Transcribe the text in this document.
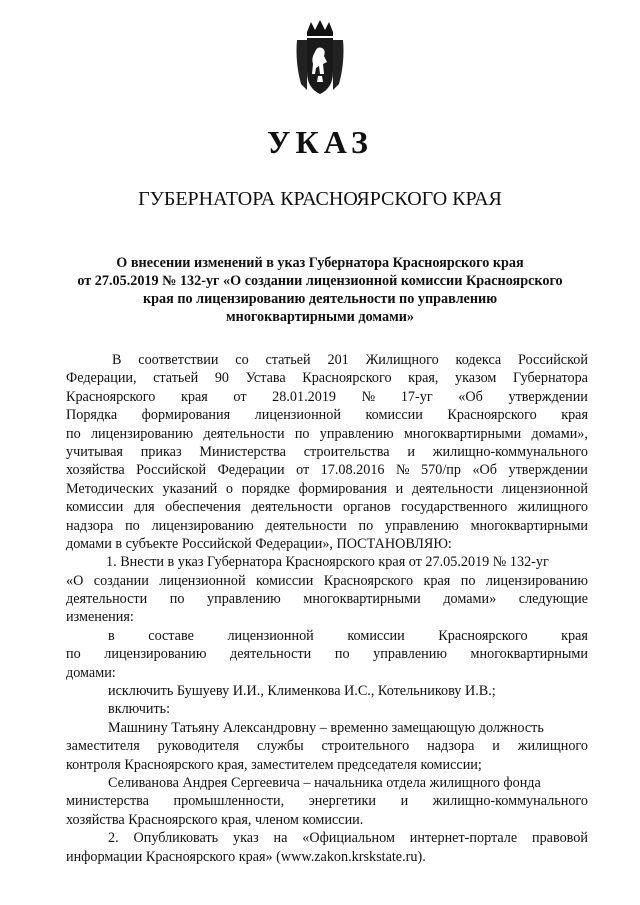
УКАЗ
ГУБЕРНАТОРА КРАСНОЯРСКОГО КРАЯ
О внесении изменений в указ Губернатора Красноярского края
от 27.05.2019 № 132-уг «О создании лицензионной комиссии Красноярского
края по лицензированию деятельности по управлению
многоквартирными домами»
В соответствии со статьей 201 Жилищного кодекса Российской
Федерации, статьей 90 Устава Красноярского края, указом Губернатора
Красноярского края от 28.01.2019 № 17-уг «Об утверждении
Порядка формирования лицензионной комиссии Красноярского края
по лицензированию деятельности по управлению многоквартирными домами»,
учитывая приказ Министерства строительства и жилищно-коммунального
хозяйства Российской Федерации от 17.08.2016 № 570/пр «Об утверждении
Методических указаний о порядке формирования и деятельности лицензионной
комиссии для обеспечения деятельности органов государственного жилищного
надзора по лицензированию деятельности по управлению многоквартирными
домами в субъекте Российской Федерации», ПОСТАНОВЛЯЮ:
1. Внести в указ Губернатора Красноярского края от 27.05.2019 № 132-уг
«О создании лицензионной комиссии Красноярского края по лицензированию
деятельности по управлению многоквартирными домами» следующие
изменения:
в составе лицензионной комиссии Красноярского края
по лицензированию деятельности по управлению многоквартирными
домами:
исключить Бушуеву И.И., Клименкова И.С., Котельникову И.В.;
включить:
Машнину Татьяну Александровну – временно замещающую должность
заместителя руководителя службы строительного надзора и жилищного
контроля Красноярского края, заместителем председателя комиссии;
Селиванова Андрея Сергеевича – начальника отдела жилищного фонда
министерства промышленности, энергетики и жилищно-коммунального
хозяйства Красноярского края, членом комиссии.
2. Опубликовать указ на «Официальном интернет-портале правовой
информации Красноярского края» (www.zakon.krskstate.ru).
